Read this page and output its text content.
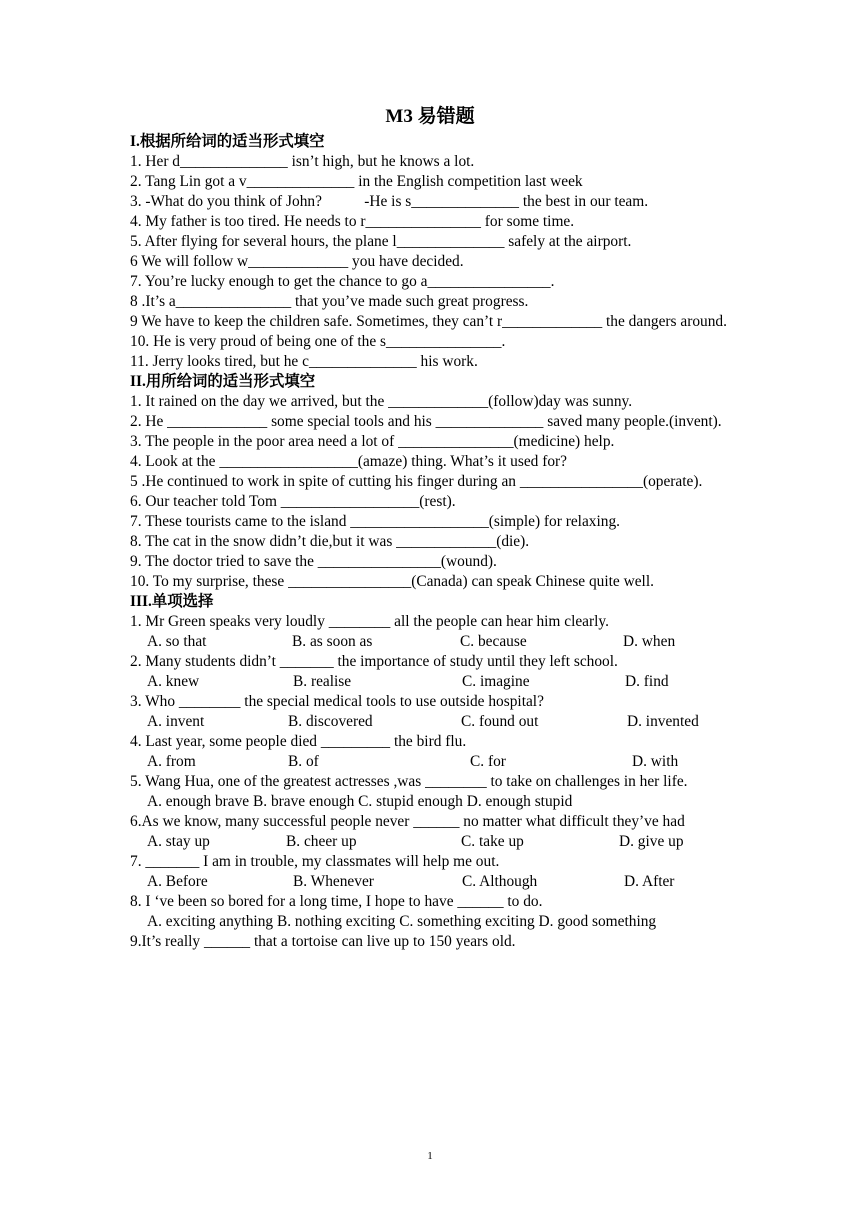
M3 易错题
I.根据所给词的适当形式填空
1. Her d______________ isn’t high, but he knows a lot.
2. Tang Lin got a v______________ in the English competition last week
3. -What do you think of John?           -He is s______________ the best in our team.
4. My father is too tired. He needs to r_______________ for some time.
5. After flying for several hours, the plane l______________ safely at the airport.
6 We will follow w_____________ you have decided.
7. You’re lucky enough to get the chance to go a________________.
8 .It’s a_______________ that you’ve made such great progress.
9 We have to keep the children safe. Sometimes, they can’t r_____________ the dangers around.
10. He is very proud of being one of the s_______________.
11. Jerry looks tired, but he c______________ his work.
II.用所给词的适当形式填空
1. It rained on the day we arrived, but the _____________(follow)day was sunny.
2. He _____________ some special tools and his ______________ saved many people.(invent).
3. The people in the poor area need a lot of _______________(medicine) help.
4. Look at the __________________(amaze) thing. What’s it used for?
5 .He continued to work in spite of cutting his finger during an ________________(operate).
6. Our teacher told Tom __________________(rest).
7. These tourists came to the island __________________(simple) for relaxing.
8. The cat in the snow didn’t die,but it was _____________(die).
9. The doctor tried to save the ________________(wound).
10. To my surprise, these ________________(Canada) can speak Chinese quite well.
III.单项选择
1. Mr Green speaks very loudly ________ all the people can hear him clearly.
A. so that	B. as soon as	C. because	D. when
2. Many students didn’t _______ the importance of study until they left school.
A. knew	B. realise	C. imagine	D. find
3. Who ________ the special medical tools to use outside hospital?
A. invent	B. discovered	C. found out	D. invented
4. Last year, some people died _________ the bird flu.
A. from	B. of	C. for	D. with
5. Wang Hua, one of the greatest actresses ,was ________ to take on challenges in her life.
A. enough brave B. brave enough C. stupid enough D. enough stupid
6.As we know, many successful people never ______ no matter what difficult they’ve had
A. stay up	B. cheer up	C. take up	D. give up
7. _______ I am in trouble, my classmates will help me out.
A. Before	B. Whenever	C. Although	D. After
8. I ‘ve been so bored for a long time, I hope to have ______ to do.
A. exciting anything B. nothing exciting C. something exciting D. good something
9.It’s really ______ that a tortoise can live up to 150 years old.
1
